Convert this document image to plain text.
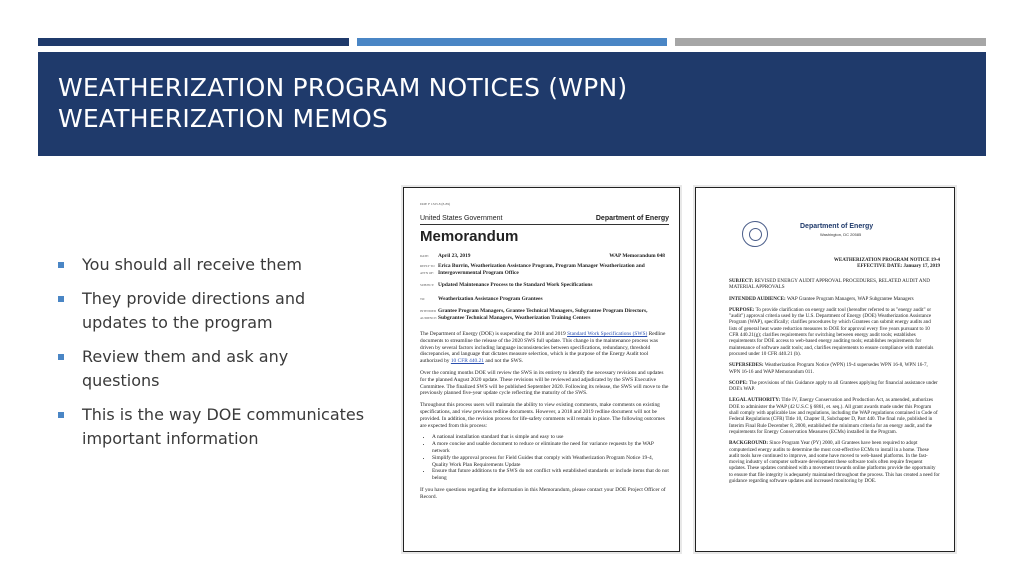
WEATHERIZATION PROGRAM NOTICES (WPN)
WEATHERIZATION MEMOS
You should all receive them
They provide directions and updates to the program
Review them and ask any questions
This is the way DOE communicates important information
DOE F 1325.8 (8-89)
United States Government	Department of Energy
Memorandum
DATE: April 23, 2019	WAP Memorandum 048
REPLY TO ATTN OF:Erica Burrin, Weatherization Assistance Program, Program Manager Weatherization and Intergovernmental Program Office
SUBJECT: Updated Maintenance Process to the Standard Work Specifications
TO: Weatherization Assistance Program Grantees
INTENDED AUDIENCE:Grantee Program Managers, Grantee Technical Managers, Subgrantee Program Directors, Subgrantee Technical Managers, Weatherization Training Centers

The Department of Energy (DOE) is suspending the 2018 and 2019 Standard Work Specifications (SWS) Redline documents to streamline the release of the 2020 SWS full update. This change in the maintenance process was driven by several factors including language inconsistencies between specifications, redundancy, threshold discrepancies, and language that dictates measure selection, which is the purpose of the Energy Audit tool authorized by 10 CFR 440.21 and not the SWS.

Over the coming months DOE will review the SWS in its entirety to identify the necessary revisions and updates for the planned August 2020 update. These revisions will be reviewed and adjudicated by the SWS Executive Committee. The finalized SWS will be published September 2020. Following its release, the SWS will move to the previously planned five-year update cycle reflecting the maturity of the SWS.

Throughout this process users will maintain the ability to view existing comments, make comments on existing specifications, and view previous redline documents. However, a 2018 and 2019 redline document will not be provided. In addition, the revision process for life-safety comments will remain in place. The following outcomes are expected from this process:

• A national installation standard that is simple and easy to use
• A more concise and usable document to reduce or eliminate the need for variance requests by the WAP network
• Simplify the approval process for Field Guides that comply with Weatherization Program Notice 19-4, Quality Work Plan Requirements Update
• Ensure that future additions to the SWS do not conflict with established standards or include items that do not belong

If you have questions regarding the information in this Memorandum, please contact your DOE Project Officer of Record.

Department of Energy
Washington, DC 20585
WEATHERIZATION PROGRAM NOTICE 19-4
EFFECTIVE DATE: January 17, 2019

SUBJECT: REVISED ENERGY AUDIT APPROVAL PROCEDURES, RELATED AUDIT AND MATERIAL APPROVALS

INTENDED AUDIENCE: WAP Grantee Program Managers, WAP Subgrantee Managers

PURPOSE: To provide clarification on energy audit tool (hereafter referred to as "energy audit" or "audit") approval criteria used by the U.S. Department of Energy (DOE) Weatherization Assistance Program (WAP), specifically; clarifies procedures by which Grantees can submit energy audits and lists of general heat waste reduction measures to DOE for approval every five years pursuant to 10 CFR 440.21(g); clarifies requirements for switching between energy audit tools; establishes requirements for DOE access to web-based energy auditing tools; establishes requirements for maintenance of software audit tools; and, clarifies requirements to ensure compliance with materials procured under 10 CFR 440.21 (b).

SUPERSEDES: Weatherization Program Notice (WPN) 19-4 supersedes WPN 16-8, WPN 16-7, WPN 16-16 and WAP Memorandum 011.

SCOPE: The provisions of this Guidance apply to all Grantees applying for financial assistance under DOE's WAP.

LEGAL AUTHORITY: Title IV, Energy Conservation and Production Act, as amended, authorizes DOE to administer the WAP (42 U.S.C § 6861, et. seq.). All grant awards made under this Program shall comply with applicable law and regulations, including the WAP regulations contained in Code of Federal Regulations (CFR) Title 10, Chapter II, Subchapter D, Part 440. The final rule, published in Interim Final Rule December 8, 2000, established the minimum criteria for an energy audit, and the requirements for Energy Conservation Measures (ECMs) installed in the Program.

BACKGROUND: Since Program Year (PY) 2000, all Grantees have been required to adopt computerized energy audits to determine the most cost-effective ECMs to install in a home. These audit tools have continued to improve, and some have moved to web-based platforms. In the fast-moving industry of computer software development these software tools often require frequent updates. These updates combined with a movement towards online platforms provide the opportunity to ensure that file integrity is adequately maintained throughout the process. This has created a need for guidance regarding software updates and increased monitoring by DOE.
